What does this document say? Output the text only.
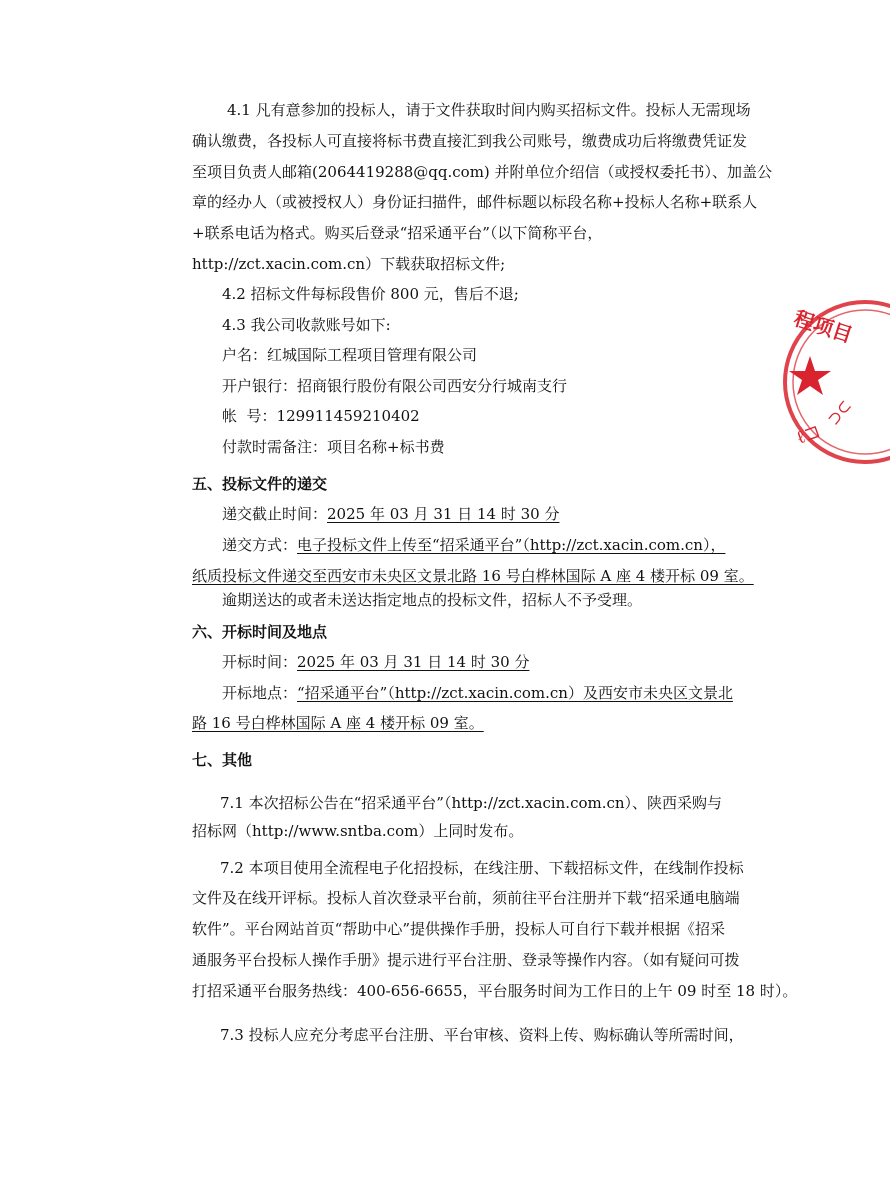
4.1 凡有意参加的投标人，请于文件获取时间内购买招标文件。投标人无需现场
确认缴费，各投标人可直接将标书费直接汇到我公司账号，缴费成功后将缴费凭证发
至项目负责人邮箱(2064419288@qq.com) 并附单位介绍信（或授权委托书）、加盖公
章的经办人（或被授权人）身份证扫描件，邮件标题以标段名称+投标人名称+联系人
+联系电话为格式。购买后登录“招采通平台”（以下简称平台，
http://zct.xacin.com.cn）下载获取招标文件;
4.2 招标文件每标段售价 800 元，售后不退;
4.3 我公司收款账号如下:
户名：红城国际工程项目管理有限公司
开户银行：招商银行股份有限公司西安分行城南支行
帐  号：129911459210402
付款时需备注：项目名称+标书费
五、投标文件的递交
递交截止时间：2025 年 03 月 31 日 14 时 30 分
递交方式：电子投标文件上传至“招采通平台”（http://zct.xacin.com.cn），
纸质投标文件递交至西安市未央区文景北路 16 号白桦林国际 A 座 4 楼开标 09 室。
逾期送达的或者未送达指定地点的投标文件，招标人不予受理。
六、开标时间及地点
开标时间：2025 年 03 月 31 日 14 时 30 分
开标地点：“招采通平台”（http://zct.xacin.com.cn）及西安市未央区文景北
路 16 号白桦林国际 A 座 4 楼开标 09 室。
七、其他
7.1 本次招标公告在“招采通平台”（http://zct.xacin.com.cn）、陕西采购与
招标网（http://www.sntba.com）上同时发布。
7.2 本项目使用全流程电子化招投标，在线注册、下载招标文件，在线制作投标
文件及在线开评标。投标人首次登录平台前，须前往平台注册并下载“招采通电脑端
软件”。平台网站首页“帮助中心”提供操作手册，投标人可自行下载并根据《招采
通服务平台投标人操作手册》提示进行平台注册、登录等操作内容。（如有疑问可拨
打招采通平台服务热线：400-656-6655，平台服务时间为工作日的上午 09 时至 18 时）。
7.3 投标人应充分考虑平台注册、平台审核、资料上传、购标确认等所需时间，
程项目
ℓ⊐
⊃⊂
